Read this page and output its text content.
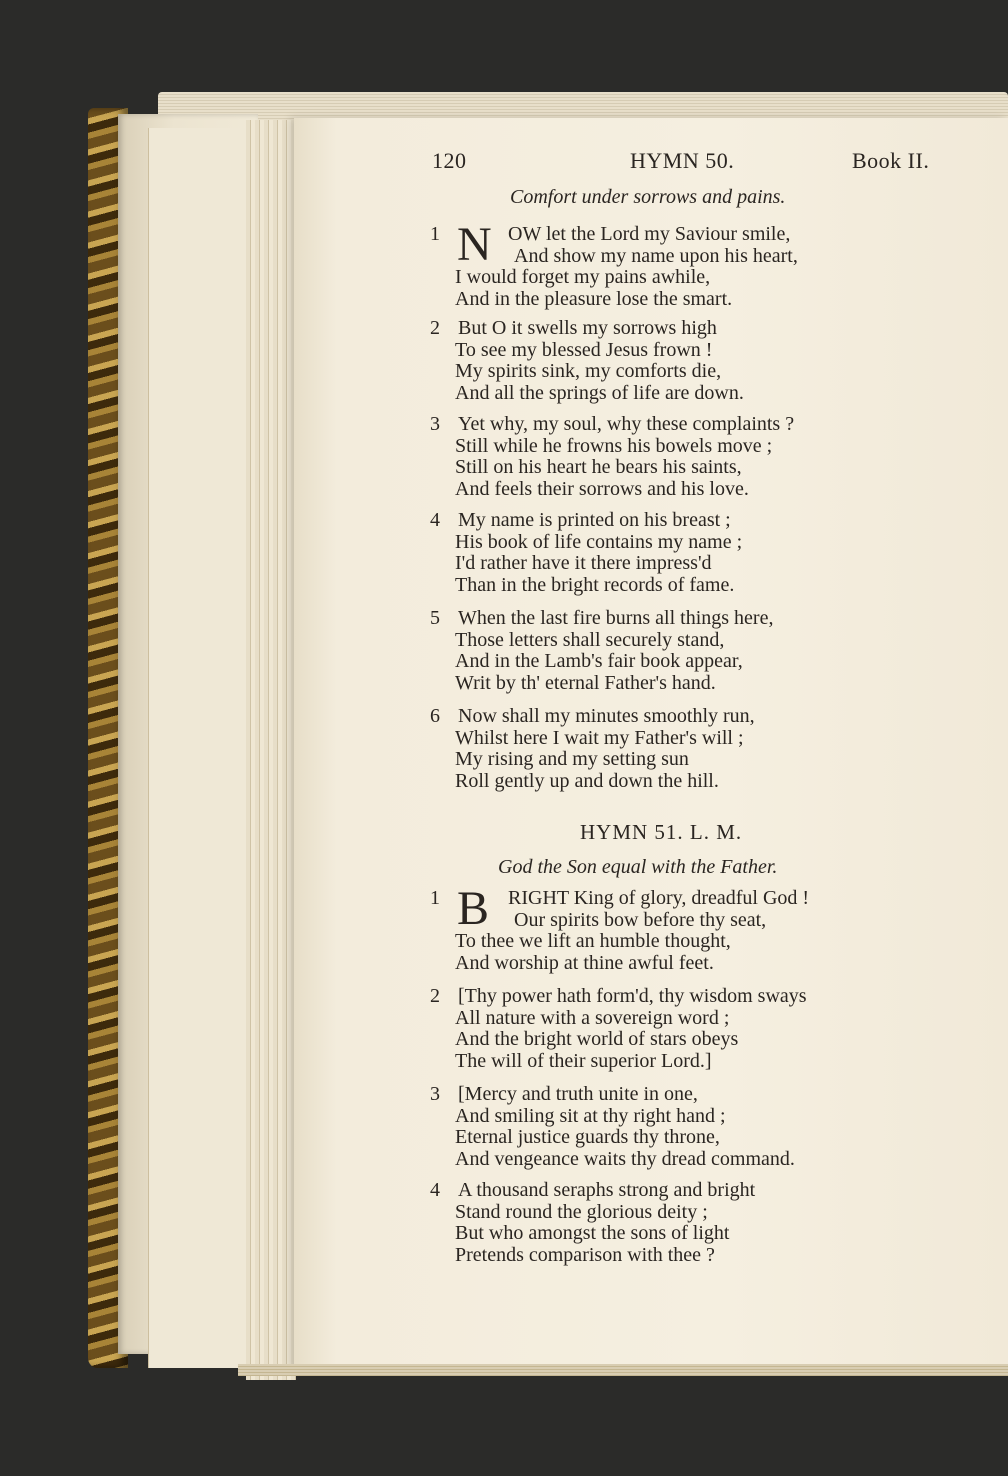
120	HYMN 50.	Book II.
Comfort under sorrows and pains.
1 N OW let the Lord my Saviour smile,
And show my name upon his heart,
I would forget my pains awhile,
And in the pleasure lose the smart.
2 But O it swells my sorrows high
To see my blessed Jesus frown !
My spirits sink, my comforts die,
And all the springs of life are down.
3 Yet why, my soul, why these complaints ?
Still while he frowns his bowels move ;
Still on his heart he bears his saints,
And feels their sorrows and his love.
4 My name is printed on his breast ;
His book of life contains my name ;
I'd rather have it there impress'd
Than in the bright records of fame.
5 When the last fire burns all things here,
Those letters shall securely stand,
And in the Lamb's fair book appear,
Writ by th' eternal Father's hand.
6 Now shall my minutes smoothly run,
Whilst here I wait my Father's will ;
My rising and my setting sun
Roll gently up and down the hill.
HYMN 51. L. M.
God the Son equal with the Father.
1 B RIGHT King of glory, dreadful God !
Our spirits bow before thy seat,
To thee we lift an humble thought,
And worship at thine awful feet.
2 [Thy power hath form'd, thy wisdom sways
All nature with a sovereign word ;
And the bright world of stars obeys
The will of their superior Lord.]
3 [Mercy and truth unite in one,
And smiling sit at thy right hand ;
Eternal justice guards thy throne,
And vengeance waits thy dread command.
4 A thousand seraphs strong and bright
Stand round the glorious deity ;
But who amongst the sons of light
Pretends comparison with thee ?
